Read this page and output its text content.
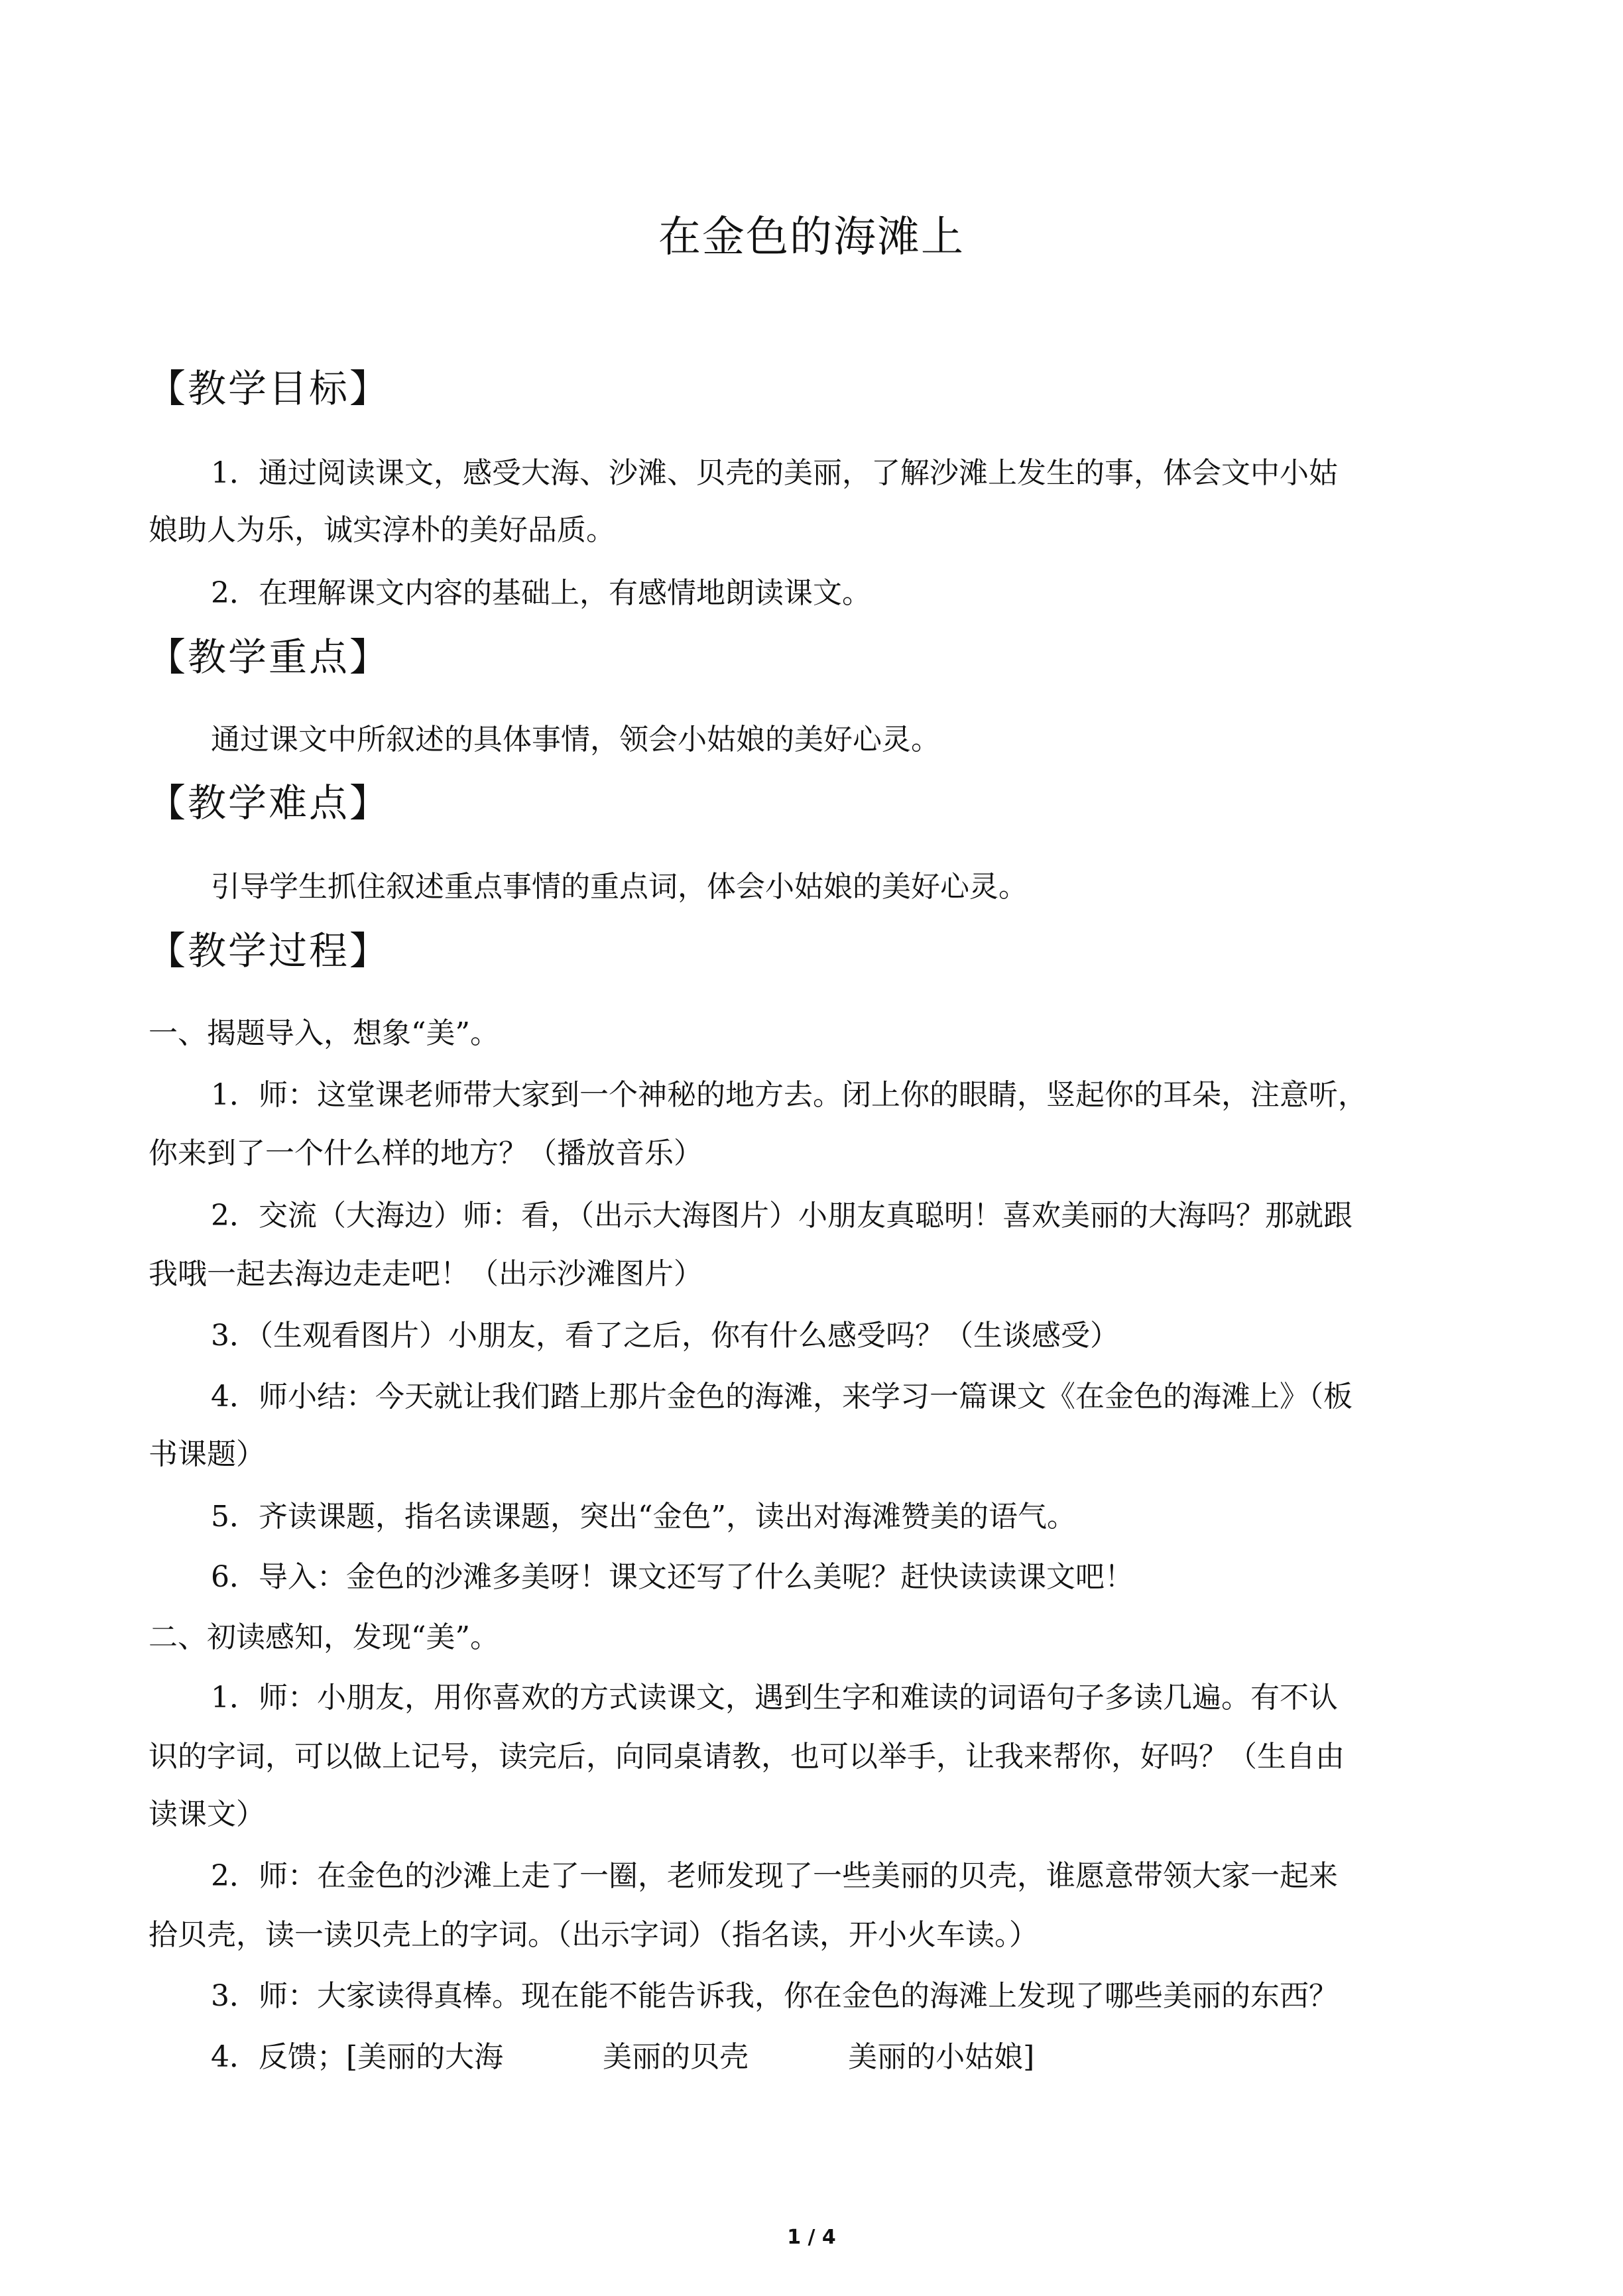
在金色的海滩上
【教学目标】
1．通过阅读课文，感受大海、沙滩、贝壳的美丽，了解沙滩上发生的事，体会文中小姑
娘助人为乐，诚实淳朴的美好品质。
2．在理解课文内容的基础上，有感情地朗读课文。
【教学重点】
通过课文中所叙述的具体事情，领会小姑娘的美好心灵。
【教学难点】
引导学生抓住叙述重点事情的重点词，体会小姑娘的美好心灵。
【教学过程】
一、揭题导入，想象“美”。
1．师：这堂课老师带大家到一个神秘的地方去。闭上你的眼睛，竖起你的耳朵，注意听，
你来到了一个什么样的地方？（播放音乐）
2．交流（大海边）师：看，（出示大海图片）小朋友真聪明！喜欢美丽的大海吗？那就跟
我哦一起去海边走走吧！（出示沙滩图片）
3．（生观看图片）小朋友，看了之后，你有什么感受吗？（生谈感受）
4．师小结：今天就让我们踏上那片金色的海滩，来学习一篇课文《在金色的海滩上》（板
书课题）
5．齐读课题，指名读课题，突出“金色”，读出对海滩赞美的语气。
6．导入：金色的沙滩多美呀！课文还写了什么美呢？赶快读读课文吧！
二、初读感知，发现“美”。
1．师：小朋友，用你喜欢的方式读课文，遇到生字和难读的词语句子多读几遍。有不认
识的字词，可以做上记号，读完后，向同桌请教，也可以举手，让我来帮你，好吗？（生自由
读课文）
2．师：在金色的沙滩上走了一圈，老师发现了一些美丽的贝壳，谁愿意带领大家一起来
拾贝壳，读一读贝壳上的字词。（出示字词）（指名读，开小火车读。）
3．师：大家读得真棒。现在能不能告诉我，你在金色的海滩上发现了哪些美丽的东西？
4．反馈；[美丽的大海	美丽的贝壳	美丽的小姑娘]
1 / 4
